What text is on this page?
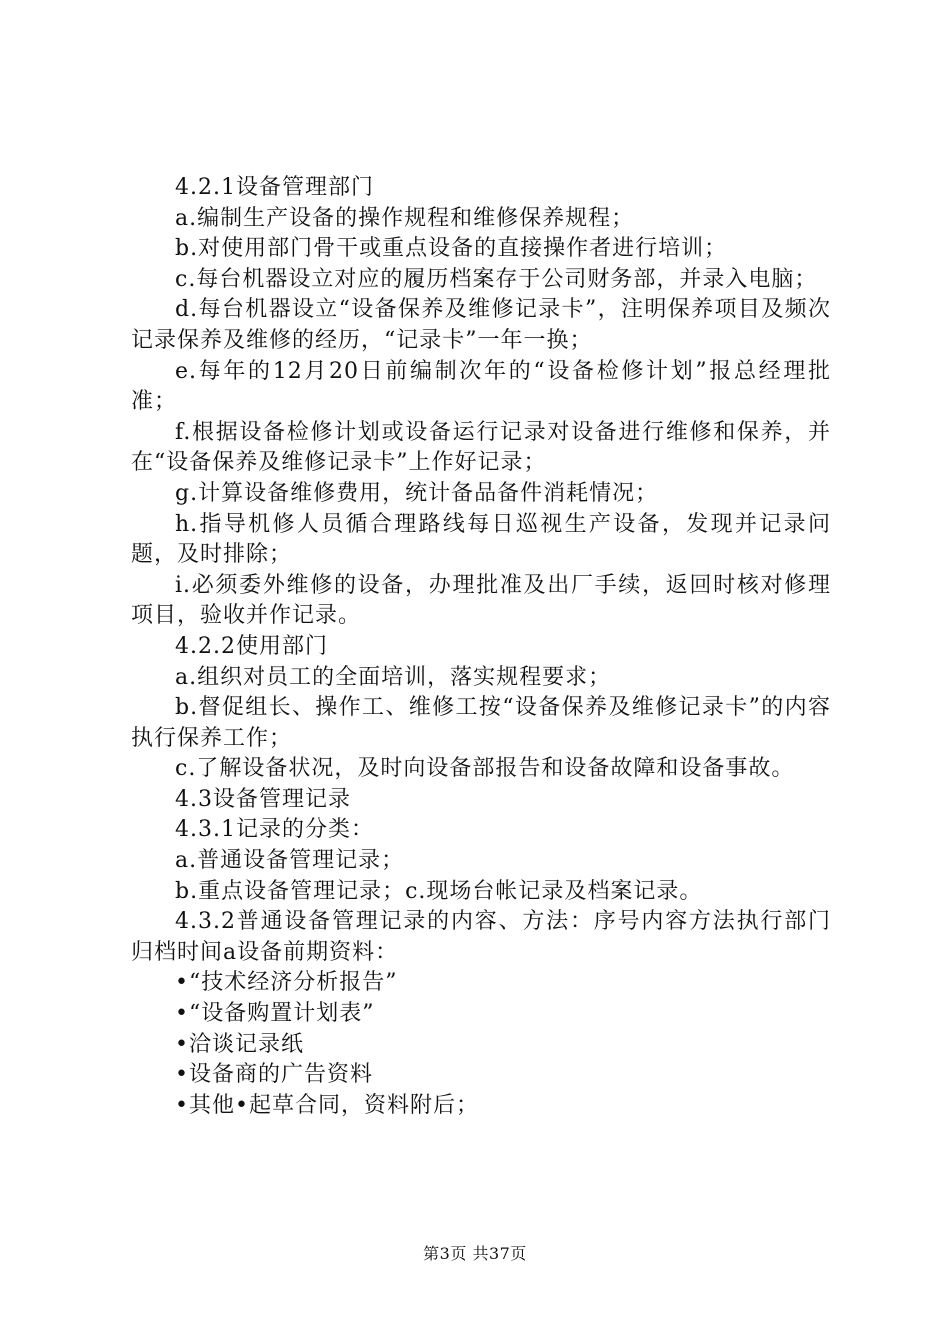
4.2.1设备管理部门

a.编制生产设备的操作规程和维修保养规程；

b.对使用部门骨干或重点设备的直接操作者进行培训；

c.每台机器设立对应的履历档案存于公司财务部，并录入电脑；

d.每台机器设立“设备保养及维修记录卡”，注明保养项目及频次记录保养及维修的经历，“记录卡”一年一换；

e.每年的12月20日前编制次年的“设备检修计划”报总经理批准；

f.根据设备检修计划或设备运行记录对设备进行维修和保养，并在“设备保养及维修记录卡”上作好记录；

g.计算设备维修费用，统计备品备件消耗情况；

h.指导机修人员循合理路线每日巡视生产设备，发现并记录问题，及时排除；

i.必须委外维修的设备，办理批准及出厂手续，返回时核对修理项目，验收并作记录。

4.2.2使用部门

a.组织对员工的全面培训，落实规程要求；

b.督促组长、操作工、维修工按“设备保养及维修记录卡”的内容执行保养工作；

c.了解设备状况，及时向设备部报告和设备故障和设备事故。

4.3设备管理记录

4.3.1记录的分类：

a.普通设备管理记录；

b.重点设备管理记录；c.现场台帐记录及档案记录。

4.3.2普通设备管理记录的内容、方法：序号内容方法执行部门归档时间a设备前期资料：

•“技术经济分析报告”

•“设备购置计划表”

•洽谈记录纸

•设备商的广告资料

•其他•起草合同，资料附后；

第3页 共37页
